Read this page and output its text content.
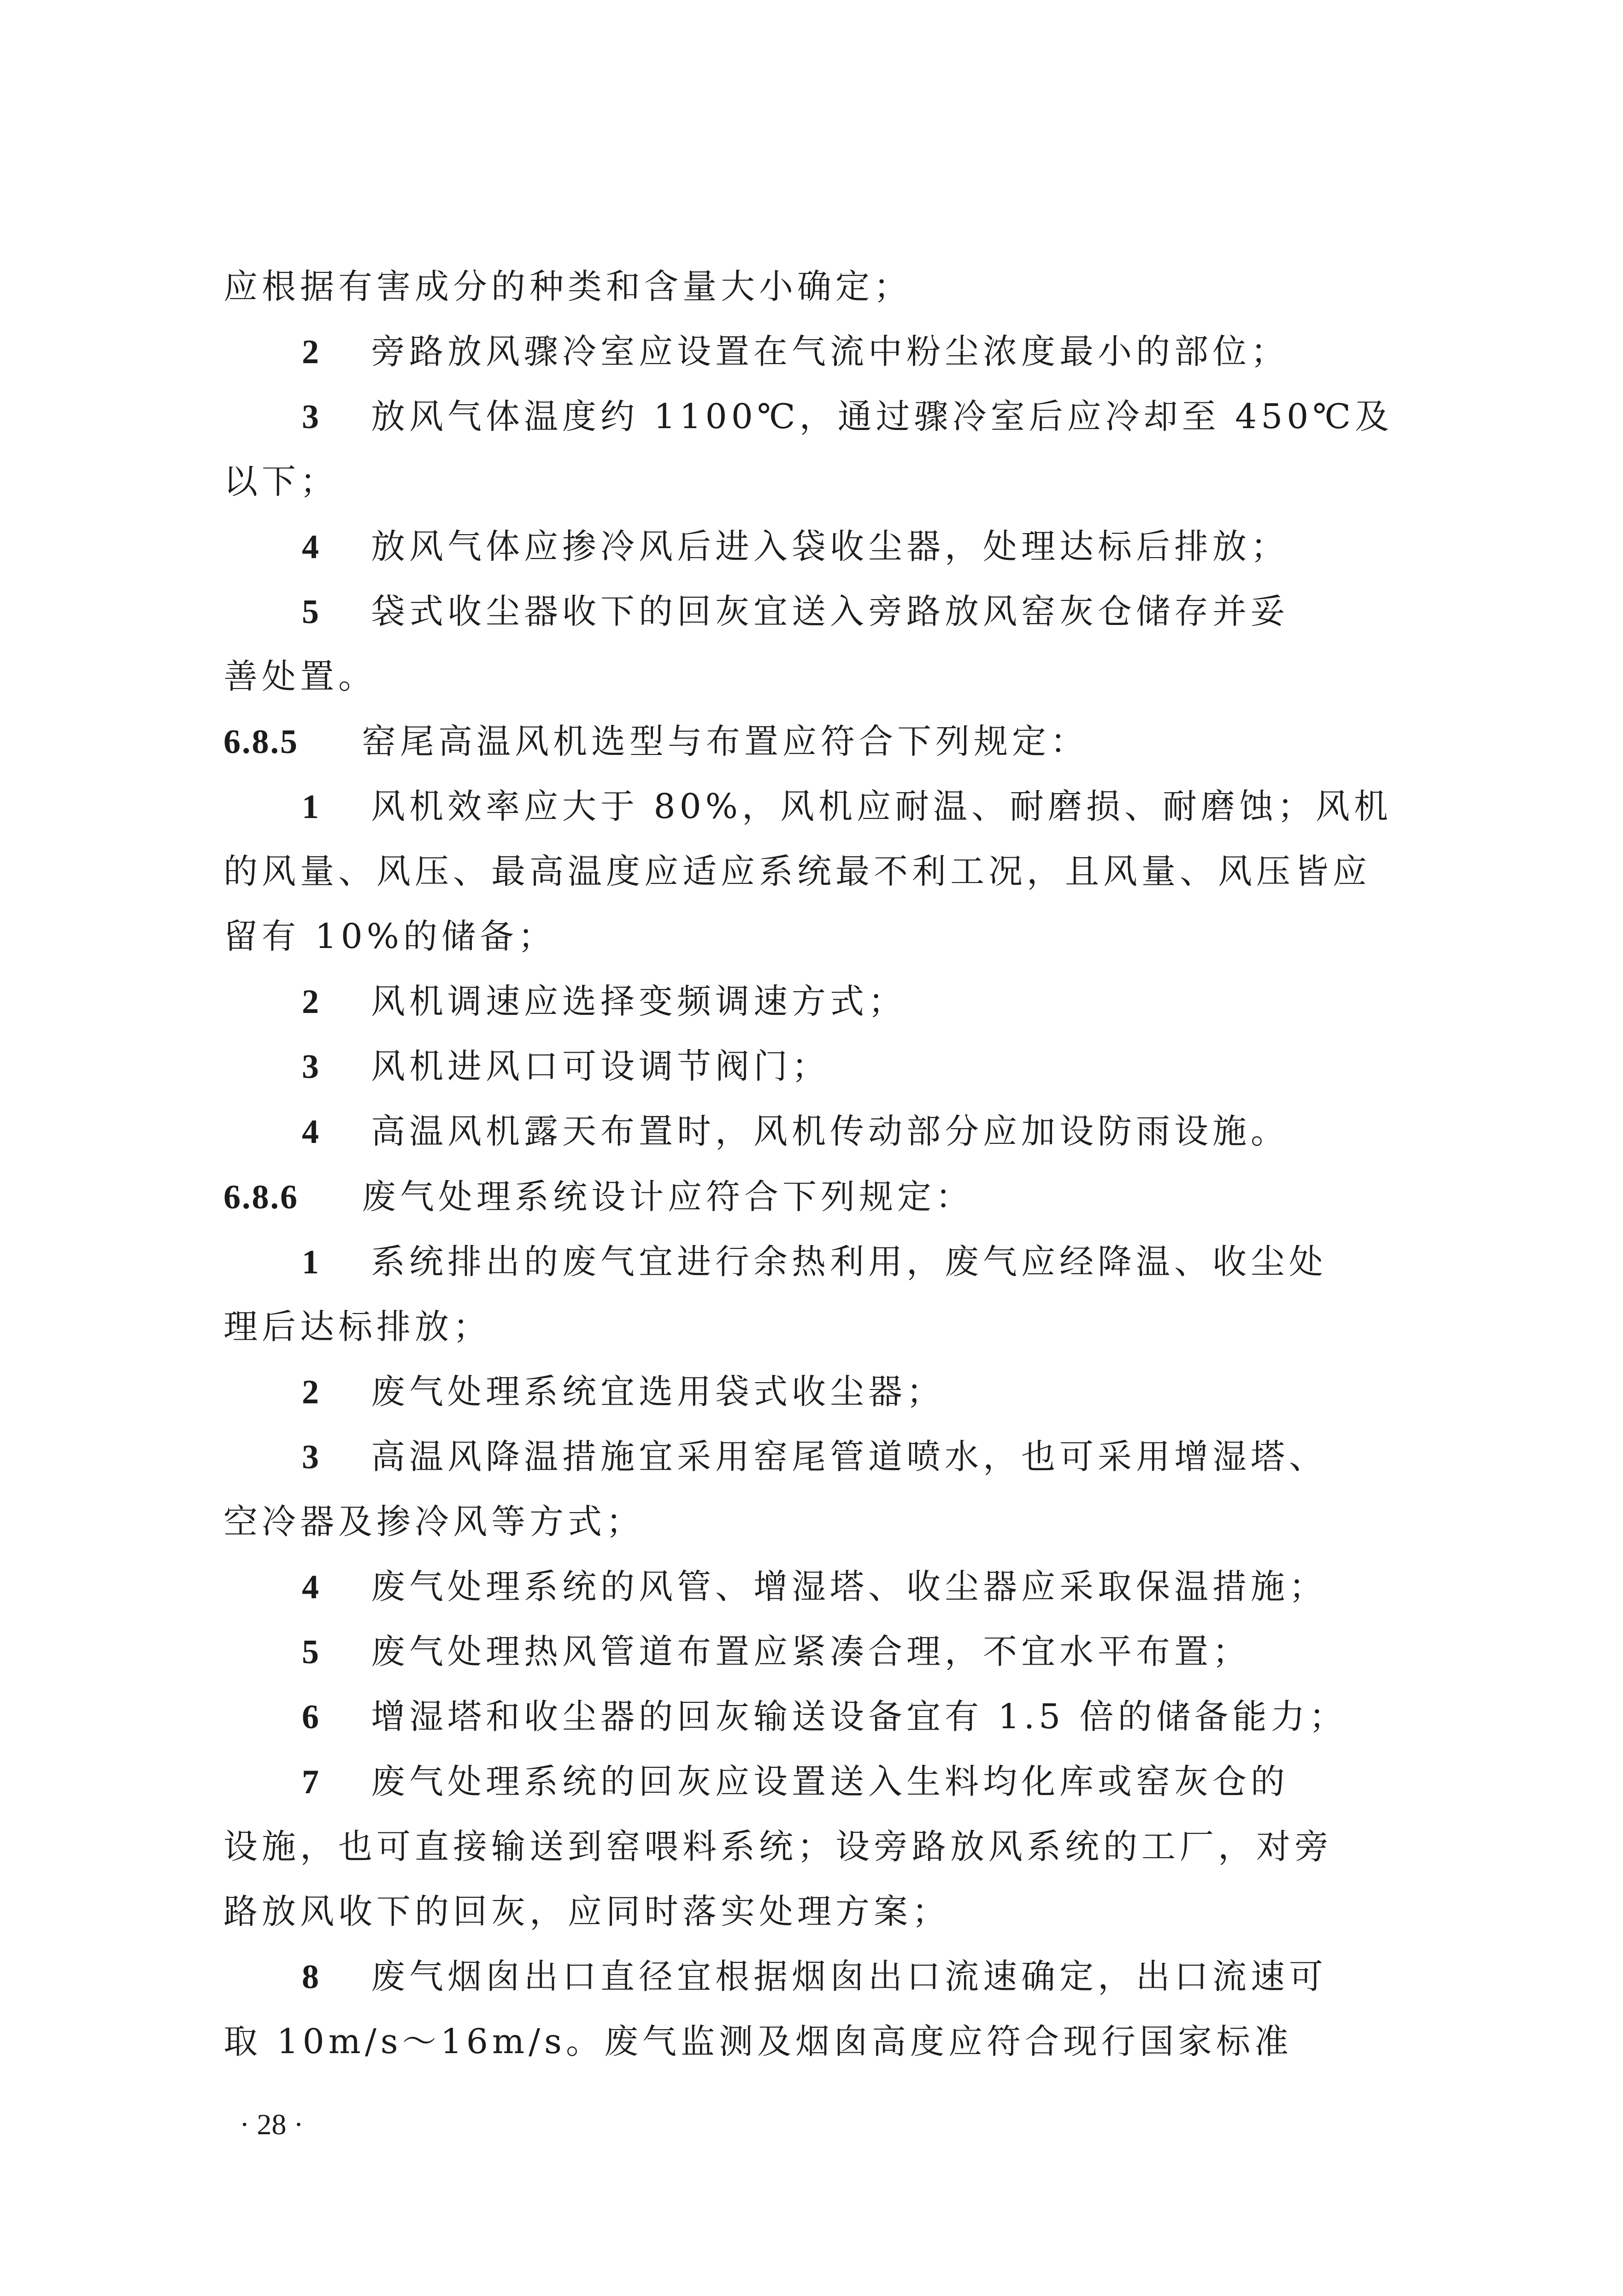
应根据有害成分的种类和含量大小确定；
2 旁路放风骤冷室应设置在气流中粉尘浓度最小的部位；
3 放风气体温度约 1100℃，通过骤冷室后应冷却至 450℃及
以下；
4 放风气体应掺冷风后进入袋收尘器，处理达标后排放；
5 袋式收尘器收下的回灰宜送入旁路放风窑灰仓储存并妥
善处置。
6.8.5 窑尾高温风机选型与布置应符合下列规定：
1 风机效率应大于 80%，风机应耐温、耐磨损、耐磨蚀；风机
的风量、风压、最高温度应适应系统最不利工况，且风量、风压皆应
留有 10%的储备；
2 风机调速应选择变频调速方式；
3 风机进风口可设调节阀门；
4 高温风机露天布置时，风机传动部分应加设防雨设施。
6.8.6 废气处理系统设计应符合下列规定：
1 系统排出的废气宜进行余热利用，废气应经降温、收尘处
理后达标排放；
2 废气处理系统宜选用袋式收尘器；
3 高温风降温措施宜采用窑尾管道喷水，也可采用增湿塔、
空冷器及掺冷风等方式；
4 废气处理系统的风管、增湿塔、收尘器应采取保温措施；
5 废气处理热风管道布置应紧凑合理，不宜水平布置；
6 增湿塔和收尘器的回灰输送设备宜有 1.5 倍的储备能力；
7 废气处理系统的回灰应设置送入生料均化库或窑灰仓的
设施，也可直接输送到窑喂料系统；设旁路放风系统的工厂，对旁
路放风收下的回灰，应同时落实处理方案；
8 废气烟囱出口直径宜根据烟囱出口流速确定，出口流速可
取 10m/s～16m/s。废气监测及烟囱高度应符合现行国家标准
· 28 ·
